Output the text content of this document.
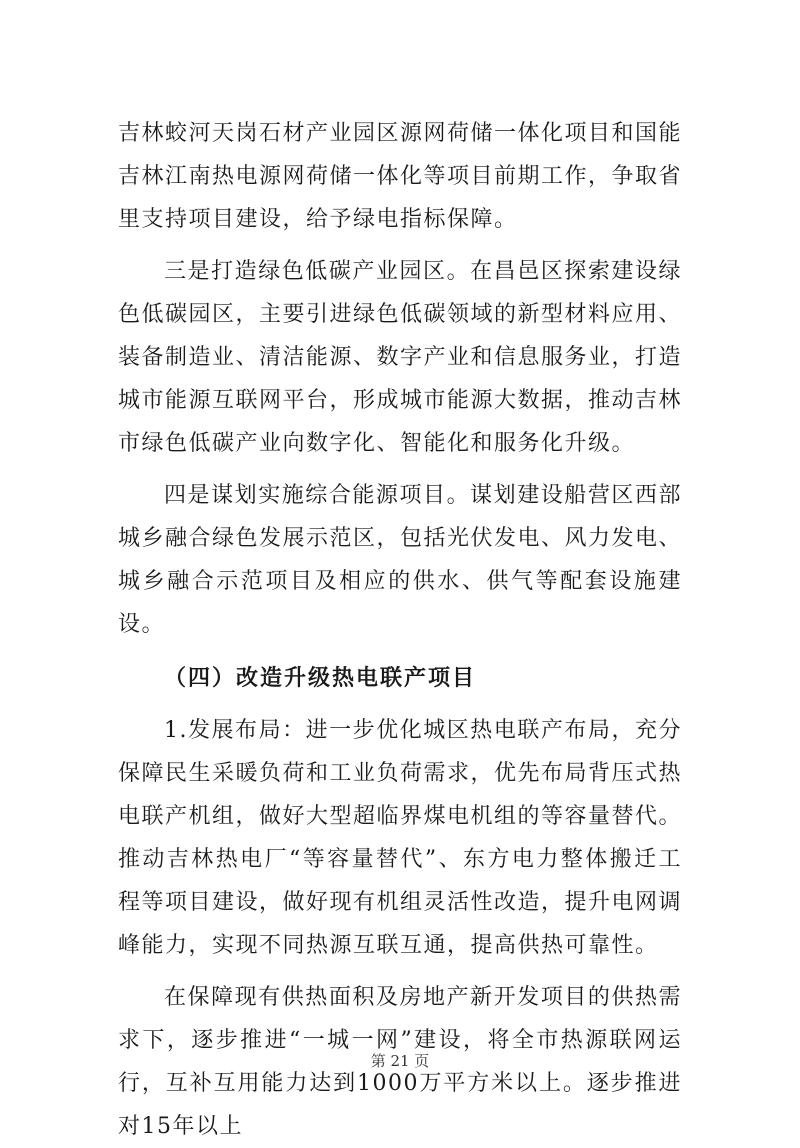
吉林蛟河天岗石材产业园区源网荷储一体化项目和国能吉林江南热电源网荷储一体化等项目前期工作，争取省里支持项目建设，给予绿电指标保障。

三是打造绿色低碳产业园区。在昌邑区探索建设绿色低碳园区，主要引进绿色低碳领域的新型材料应用、装备制造业、清洁能源、数字产业和信息服务业，打造城市能源互联网平台，形成城市能源大数据，推动吉林市绿色低碳产业向数字化、智能化和服务化升级。

四是谋划实施综合能源项目。谋划建设船营区西部城乡融合绿色发展示范区，包括光伏发电、风力发电、城乡融合示范项目及相应的供水、供气等配套设施建设。

（四）改造升级热电联产项目

1.发展布局：进一步优化城区热电联产布局，充分保障民生采暖负荷和工业负荷需求，优先布局背压式热电联产机组，做好大型超临界煤电机组的等容量替代。推动吉林热电厂“等容量替代”、东方电力整体搬迁工程等项目建设，做好现有机组灵活性改造，提升电网调峰能力，实现不同热源互联互通，提高供热可靠性。

在保障现有供热面积及房地产新开发项目的供热需求下，逐步推进“一城一网”建设，将全市热源联网运行，互补互用能力达到1000万平方米以上。逐步推进对15年以上

第 21 页
